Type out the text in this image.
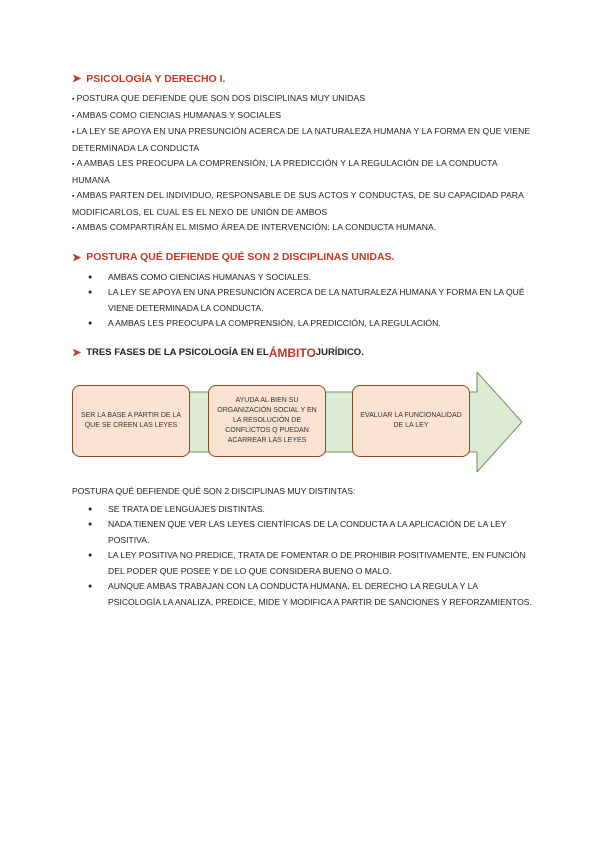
➤ PSICOLOGÍA Y DERECHO I.
▪ POSTURA QUE DEFIENDE QUE SON DOS DISCIPLINAS MUY UNIDAS
▪ AMBAS COMO CIENCIAS HUMANAS Y SOCIALES
▪ LA LEY SE APOYA EN UNA PRESUNCIÓN ACERCA DE LA NATURALEZA HUMANA Y LA FORMA EN QUE VIENE DETERMINADA LA CONDUCTA
▪ A AMBAS LES PREOCUPA LA COMPRENSIÓN, LA PREDICCIÓN Y LA REGULACIÓN DE LA CONDUCTA HUMANA
▪ AMBAS PARTEN DEL INDIVIDUO, RESPONSABLE DE SUS ACTOS Y CONDUCTAS, DE SU CAPACIDAD PARA MODIFICARLOS, EL CUAL ES EL NEXO DE UNIÓN DE AMBOS
▪ AMBAS COMPARTIRÁN EL MISMO ÁREA DE INTERVENCIÓN: LA CONDUCTA HUMANA.
➤ POSTURA QUÉ DEFIENDE QUÉ SON 2 DISCIPLINAS UNIDAS.
● AMBAS COMO CIENCIAS HUMANAS Y SOCIALES.
● LA LEY SE APOYA EN UNA PRESUNCIÓN ACERCA DE LA NATURALEZA HUMANA Y FORMA EN LA QUÉ VIENE DETERMINADA LA CONDUCTA.
● A AMBAS LES PREOCUPA LA COMPRENSIÓN, LA PREDICCIÓN, LA REGULACIÓN.
➤ TRES FASES DE LA PSICOLOGÍA EN EL ÁMBITO JURÍDICO.
SER LA BASE A PARTIR DE LA QUE SE CREEN LAS LEYES
AYUDA AL BIEN SU ORGANIZACIÓN SOCIAL Y EN LA RESOLUCIÓN DE CONFLICTOS Q PUEDAN ACARREAR LAS LEYES
EVALUAR LA FUNCIONALIDAD DE LA LEY
POSTURA QUÉ DEFIENDE QUÉ SON 2 DISCIPLINAS MUY DISTINTAS:
● SE TRATA DE LENGUAJES DISTINTAS.
● NADA TIENEN QUE VER LAS LEYES CIENTÍFICAS DE LA CONDUCTA A LA APLICACIÓN DE LA LEY POSITIVA.
● LA LEY POSITIVA NO PREDICE, TRATA DE FOMENTAR O DE PROHIBIR POSITIVAMENTE, EN FUNCIÓN DEL PODER QUE POSEE Y DE LO QUE CONSIDERA BUENO O MALO.
● AUNQUE AMBAS TRABAJAN CON LA CONDUCTA HUMANA, EL DERECHO LA REGULA Y LA PSICOLOGÍA LA ANALIZA, PREDICE, MIDE Y MODIFICA A PARTIR DE SANCIONES Y REFORZAMIENTOS.
